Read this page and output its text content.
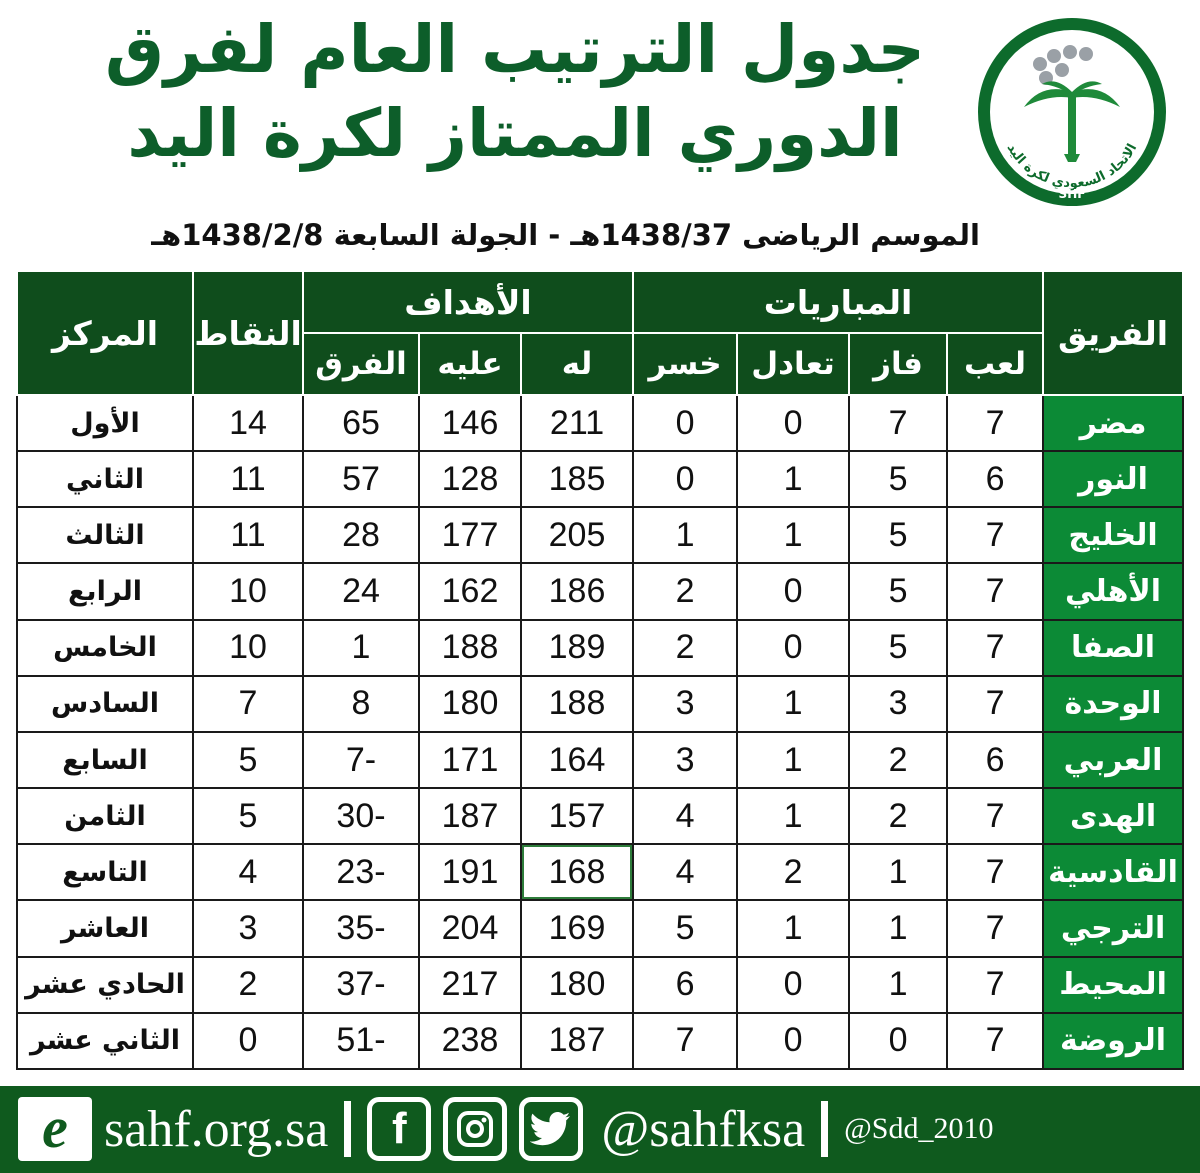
جدول الترتيب العام لفرق
الدوري الممتاز لكرة اليد	الاتحاد السعودي لكرة اليد
SHF
الموسم الرياضى 1438/37هـ - الجولة السابعة 1438/2/8هـ
الفريق	المباريات				الأهداف			النقاط	المركز
	لعب	فاز	تعادل	خسر	له	عليه	الفرق		
مضر	7	7	0	0	211	146	65	14	الأول
النور	6	5	1	0	185	128	57	11	الثاني
الخليج	7	5	1	1	205	177	28	11	الثالث
الأهلي	7	5	0	2	186	162	24	10	الرابع
الصفا	7	5	0	2	189	188	1	10	الخامس
الوحدة	7	3	1	3	188	180	8	7	السادس
العربي	6	2	1	3	164	171	-7	5	السابع
الهدى	7	2	1	4	157	187	-30	5	الثامن
القادسية	7	1	2	4	168	191	-23	4	التاسع
الترجي	7	1	1	5	169	204	-35	3	العاشر
المحيط	7	1	0	6	180	217	-37	2	الحادي عشر
الروضة	7	0	0	7	187	238	-51	0	الثاني عشر
e sahf.org.sa f	@sahfksa @Sdd_2010
